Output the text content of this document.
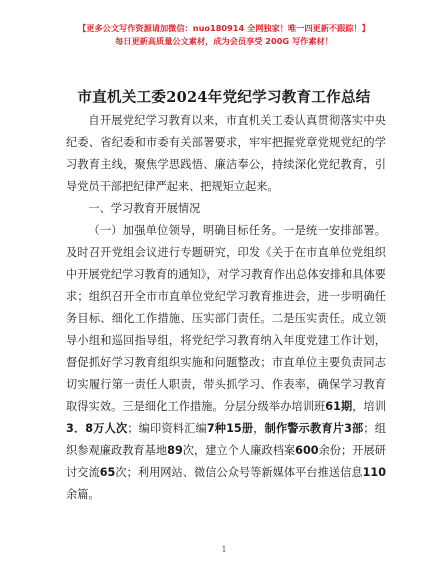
【更多公文写作资源请加微信：nuo180914 全网独家！唯一四更新不跟踪！】
每日更新高质量公文素材，成为会员享受 200G 写作素材！
市直机关工委2024年党纪学习教育工作总结

自开展党纪学习教育以来，市直机关工委认真贯彻落实中央纪委、省纪委和市委有关部署要求，牢牢把握党章党规党纪的学习教育主线，聚焦学思践悟、廉洁奉公，持续深化党纪教育，引导党员干部把纪律严起来、把规矩立起来。

一、学习教育开展情况

（一）加强单位领导，明确目标任务。一是统一安排部署。及时召开党组会议进行专题研究，印发《关于在市直单位党组织中开展党纪学习教育的通知》，对学习教育作出总体安排和具体要求；组织召开全市市直单位党纪学习教育推进会，进一步明确任务目标、细化工作措施、压实部门责任。二是压实责任。成立领导小组和巡回指导组，将党纪学习教育纳入年度党建工作计划，督促抓好学习教育组织实施和问题整改；市直单位主要负责同志切实履行第一责任人职责，带头抓学习、作表率，确保学习教育取得实效。三是细化工作措施。分层分级举办培训班61期，培训3．8万人次；编印资料汇编7种15册，制作警示教育片3部；组织参观廉政教育基地89次，建立个人廉政档案600余份；开展研讨交流65次；利用网站、微信公众号等新媒体平台推送信息110余篇。

1
